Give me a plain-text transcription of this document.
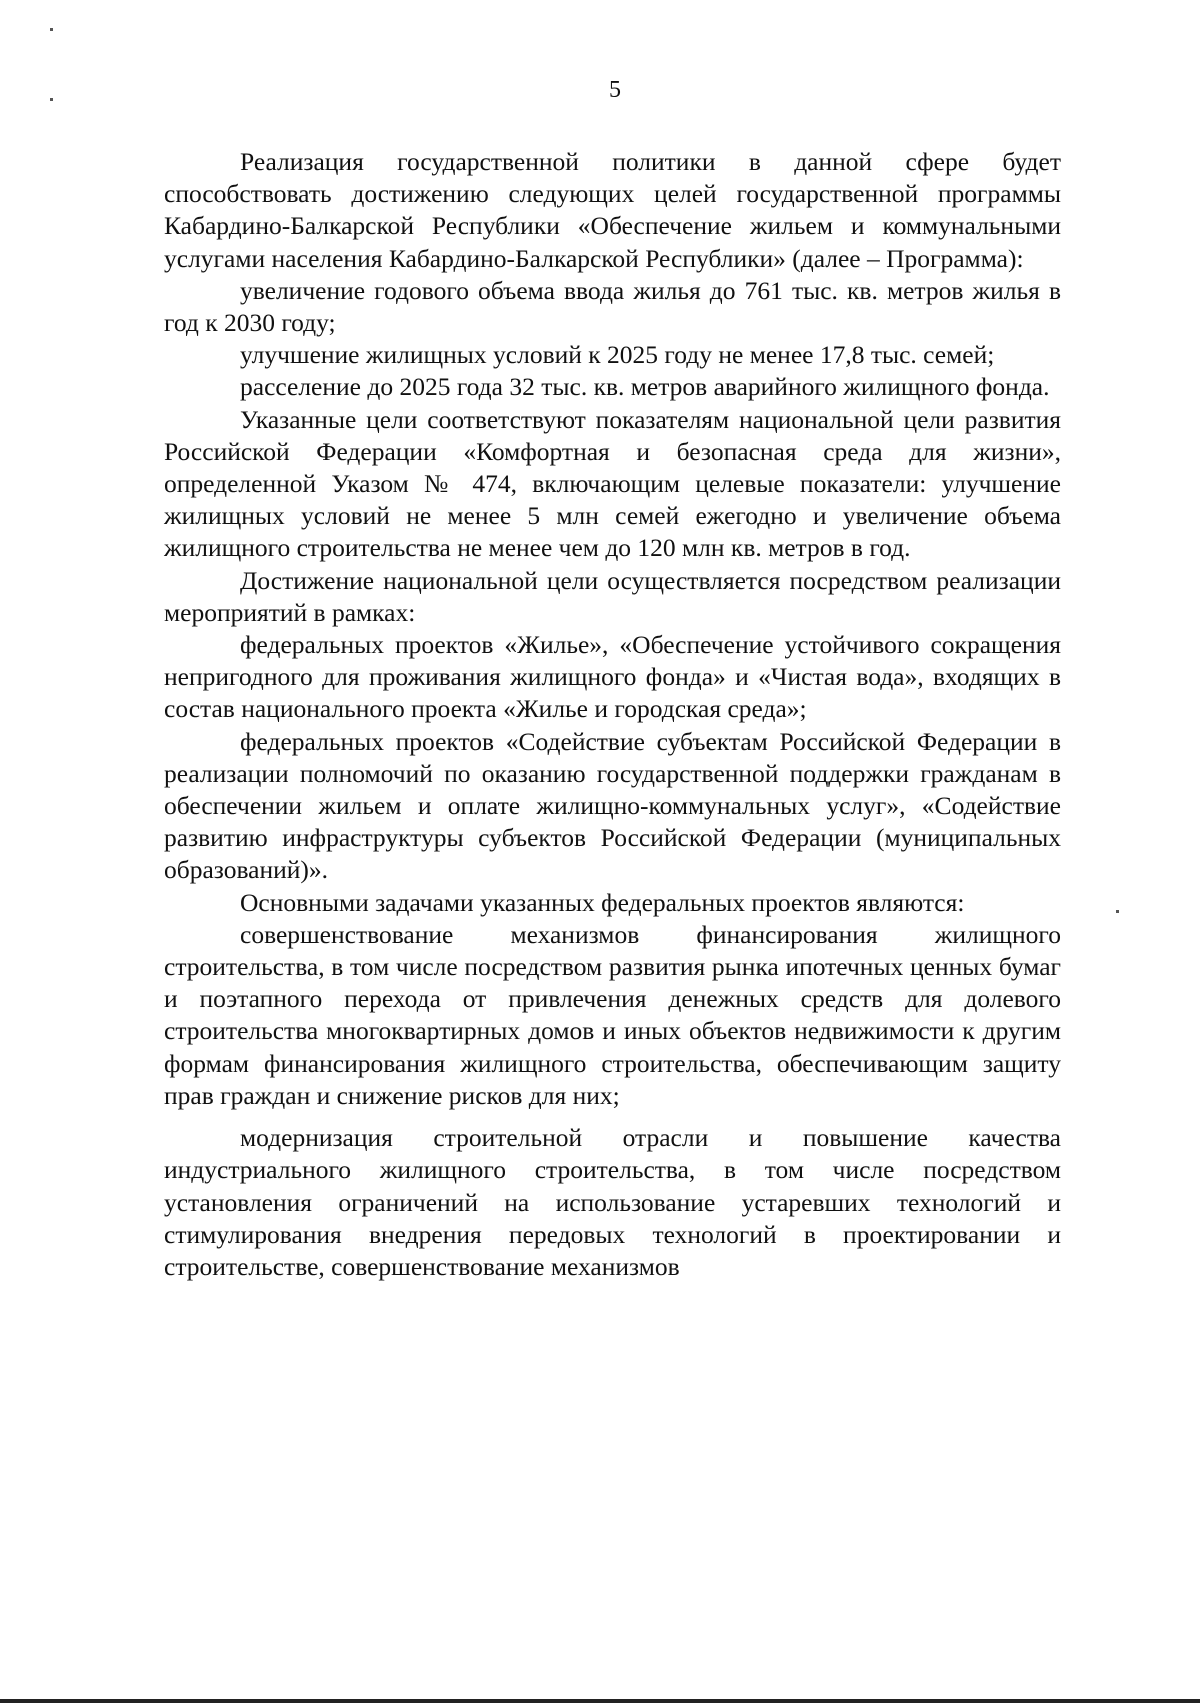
5

Реализация государственной политики в данной сфере будет способствовать достижению следующих целей государственной программы Кабардино-Балкарской Республики «Обеспечение жильем и коммунальными услугами населения Кабардино-Балкарской Республики» (далее – Программа):

увеличение годового объема ввода жилья до 761 тыс. кв. метров жилья в год к 2030 году;

улучшение жилищных условий к 2025 году не менее 17,8 тыс. семей;

расселение до 2025 года 32 тыс. кв. метров аварийного жилищного фонда.

Указанные цели соответствуют показателям национальной цели развития Российской Федерации «Комфортная и безопасная среда для жизни», определенной Указом № 474, включающим целевые показатели: улучшение жилищных условий не менее 5 млн семей ежегодно и увеличение объема жилищного строительства не менее чем до 120 млн кв. метров в год.

Достижение национальной цели осуществляется посредством реализации мероприятий в рамках:

федеральных проектов «Жилье», «Обеспечение устойчивого сокращения непригодного для проживания жилищного фонда» и «Чистая вода», входящих в состав национального проекта «Жилье и городская среда»;

федеральных проектов «Содействие субъектам Российской Федерации в реализации полномочий по оказанию государственной поддержки гражданам в обеспечении жильем и оплате жилищно-коммунальных услуг», «Содействие развитию инфраструктуры субъектов Российской Федерации (муниципальных образований)».

Основными задачами указанных федеральных проектов являются:

совершенствование механизмов финансирования жилищного строительства, в том числе посредством развития рынка ипотечных ценных бумаг и поэтапного перехода от привлечения денежных средств для долевого строительства многоквартирных домов и иных объектов недвижимости к другим формам финансирования жилищного строительства, обеспечивающим защиту прав граждан и снижение рисков для них;

модернизация строительной отрасли и повышение качества индустриального жилищного строительства, в том числе посредством установления ограничений на использование устаревших технологий и стимулирования внедрения передовых технологий в проектировании и строительстве, совершенствование механизмов
